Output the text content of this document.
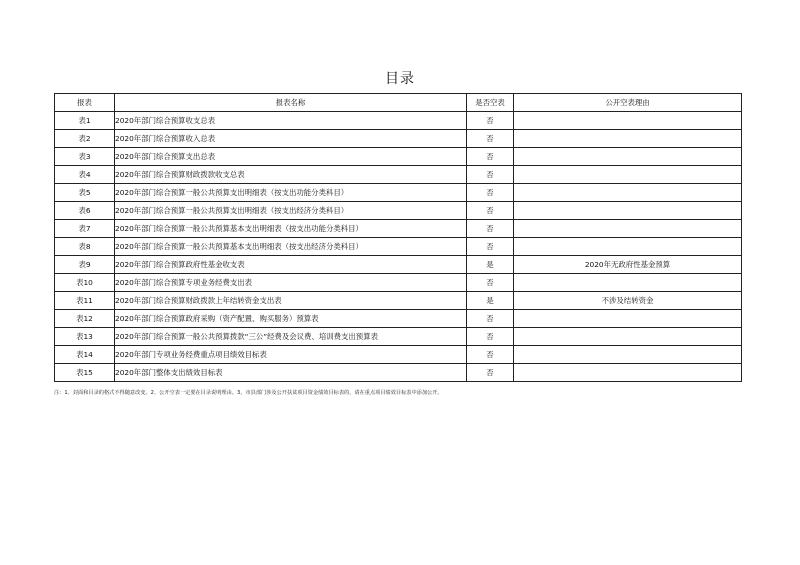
目录
报表	报表名称	是否空表	公开空表理由
表1	2020年部门综合预算收支总表	否	
表2	2020年部门综合预算收入总表	否	
表3	2020年部门综合预算支出总表	否	
表4	2020年部门综合预算财政拨款收支总表	否	
表5	2020年部门综合预算一般公共预算支出明细表（按支出功能分类科目）	否	
表6	2020年部门综合预算一般公共预算支出明细表（按支出经济分类科目）	否	
表7	2020年部门综合预算一般公共预算基本支出明细表（按支出功能分类科目）	否	
表8	2020年部门综合预算一般公共预算基本支出明细表（按支出经济分类科目）	否	
表9	2020年部门综合预算政府性基金收支表	是	2020年无政府性基金预算
表10	2020年部门综合预算专项业务经费支出表	否	
表11	2020年部门综合预算财政拨款上年结转资金支出表	是	不涉及结转资金
表12	2020年部门综合预算政府采购（资产配置、购买服务）预算表	否	
表13	2020年部门综合预算一般公共预算拨款“三公”经费及会议费、培训费支出预算表	否	
表14	2020年部门专项业务经费重点项目绩效目标表	否	
表15	2020年部门整体支出绩效目标表	否	
注：1、封面和目录的格式不得随意改变。2、公开空表一定要在目录说明理由。3、市县部门涉及公开扶贫项目资金绩效目标表的，请在重点项目绩效目标表中添加公开。
